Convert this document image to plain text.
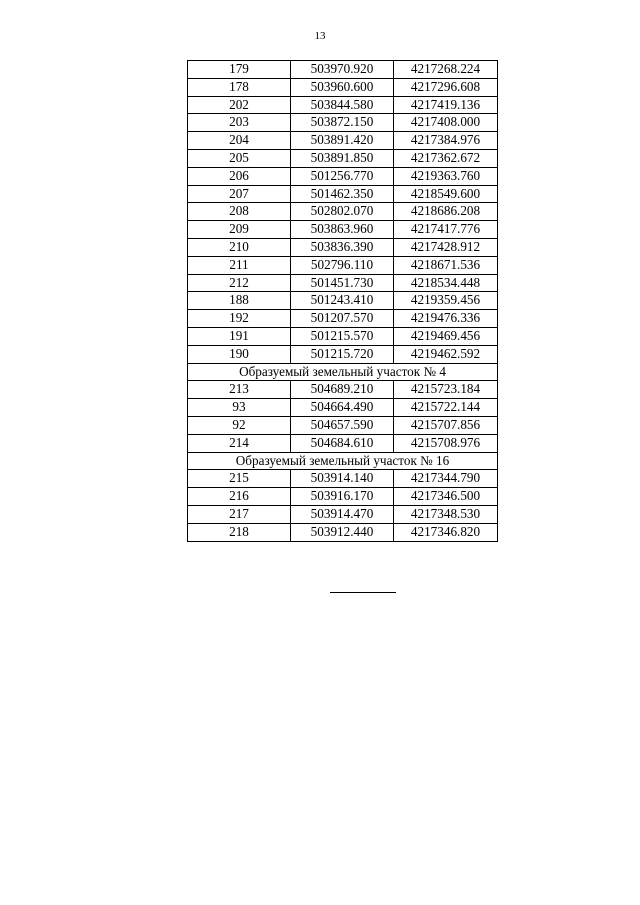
13
179	503970.920	4217268.224
178	503960.600	4217296.608
202	503844.580	4217419.136
203	503872.150	4217408.000
204	503891.420	4217384.976
205	503891.850	4217362.672
206	501256.770	4219363.760
207	501462.350	4218549.600
208	502802.070	4218686.208
209	503863.960	4217417.776
210	503836.390	4217428.912
211	502796.110	4218671.536
212	501451.730	4218534.448
188	501243.410	4219359.456
192	501207.570	4219476.336
191	501215.570	4219469.456
190	501215.720	4219462.592
Образуемый земельный участок № 4		
213	504689.210	4215723.184
93	504664.490	4215722.144
92	504657.590	4215707.856
214	504684.610	4215708.976
Образуемый земельный участок № 16		
215	503914.140	4217344.790
216	503916.170	4217346.500
217	503914.470	4217348.530
218	503912.440	4217346.820
